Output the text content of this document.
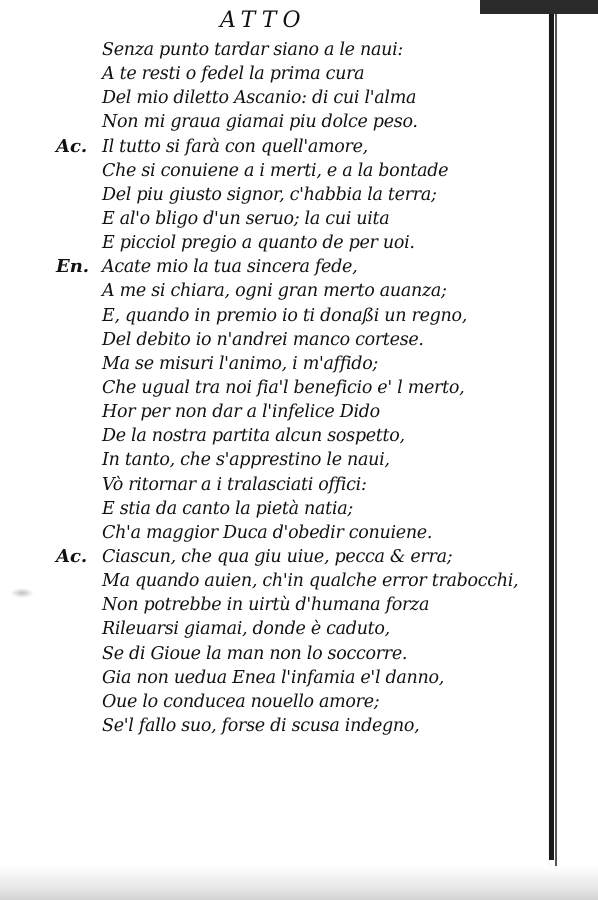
ATTO
Senza punto tardar siano a le naui:
A te resti o fedel la prima cura
Del mio diletto Ascanio: di cui l'alma
Non mi graua giamai piu dolce peso.
Ac. Il tutto si farà con quell'amore,
Che si conuiene a i merti, e a la bontade
Del piu giusto signor, c'habbia la terra;
E al'o bligo d'un seruo; la cui uita
E picciol pregio a quanto de per uoi.
En. Acate mio la tua sincera fede,
A me si chiara, ogni gran merto auanza;
E, quando in premio io ti donaßi un regno,
Del debito io n'andrei manco cortese.
Ma se misuri l'animo, i m'affido;
Che ugual tra noi fia'l beneficio e' l merto,
Hor per non dar a l'infelice Dido
De la nostra partita alcun sospetto,
In tanto, che s'apprestino le naui,
Vò ritornar a i tralasciati offici:
E stia da canto la pietà natia;
Ch'a maggior Duca d'obedir conuiene.
Ac. Ciascun, che qua giu uiue, pecca & erra;
Ma quando auien, ch'in qualche error trabocchi,
Non potrebbe in uirtù d'humana forza
Rileuarsi giamai, donde è caduto,
Se di Gioue la man non lo soccorre.
Gia non ueduа Enea l'infamia e'l danno,
Oue lo conducea nouello amore;
Se'l fallo suo, forse di scusa indegno,
